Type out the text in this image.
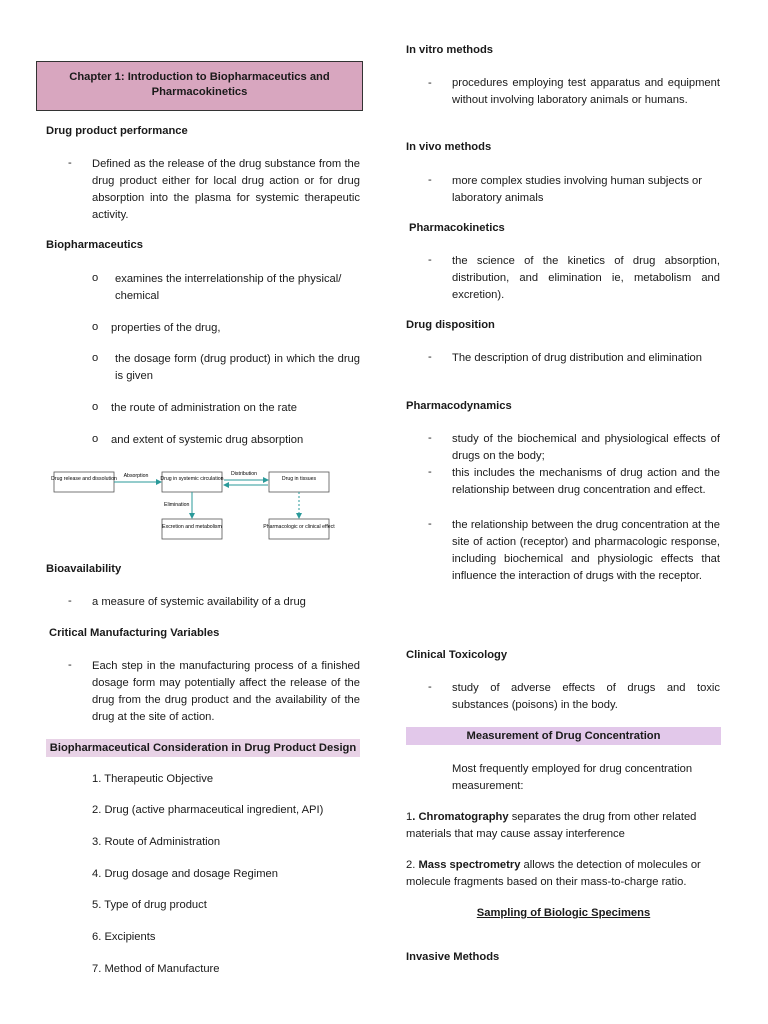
Chapter 1: Introduction to Biopharmaceutics and Pharmacokinetics
Drug product performance
- Defined as the release of the drug substance from the drug product either for local drug action or for drug absorption into the plasma for systemic therapeutic activity.
Biopharmaceutics
o examines the interrelationship of the physical/ chemical
o properties of the drug,
o the dosage form (drug product) in which the drug is given
o the route of administration on the rate
o and extent of systemic drug absorption
Drug release and dissolution	Drug in systemic circulation	Drug in tissues
Excretion and metabolism	Pharmacologic or clinical effect
Absorption	Distribution
Elimination
Bioavailability
- a measure of systemic availability of a drug
Critical Manufacturing Variables
- Each step in the manufacturing process of a finished dosage form may potentially affect the release of the drug from the drug product and the availability of the drug at the site of action.
Biopharmaceutical Consideration in Drug Product Design
1. Therapeutic Objective
2. Drug (active pharmaceutical ingredient, API)
3. Route of Administration
4. Drug dosage and dosage Regimen
5. Type of drug product
6. Excipients
7. Method of Manufacture
In vitro methods
- procedures employing test apparatus and equipment without involving laboratory animals or humans.
In vivo methods
- more complex studies involving human subjects or laboratory animals
Pharmacokinetics
- the science of the kinetics of drug absorption, distribution, and elimination ie, metabolism and excretion).
Drug disposition
- The description of drug distribution and elimination
Pharmacodynamics
- study of the biochemical and physiological effects of drugs on the body;
- this includes the mechanisms of drug action and the relationship between drug concentration and effect.
- the relationship between the drug concentration at the site of action (receptor) and pharmacologic response, including biochemical and physiologic effects that influence the interaction of drugs with the receptor.
Clinical Toxicology
- study of adverse effects of drugs and toxic substances (poisons) in the body.
Measurement of Drug Concentration
Most frequently employed for drug concentration measurement:
1. Chromatography separates the drug from other related materials that may cause assay interference
2. Mass spectrometry allows the detection of molecules or molecule fragments based on their mass-to-charge ratio.
Sampling of Biologic Specimens
Invasive Methods
